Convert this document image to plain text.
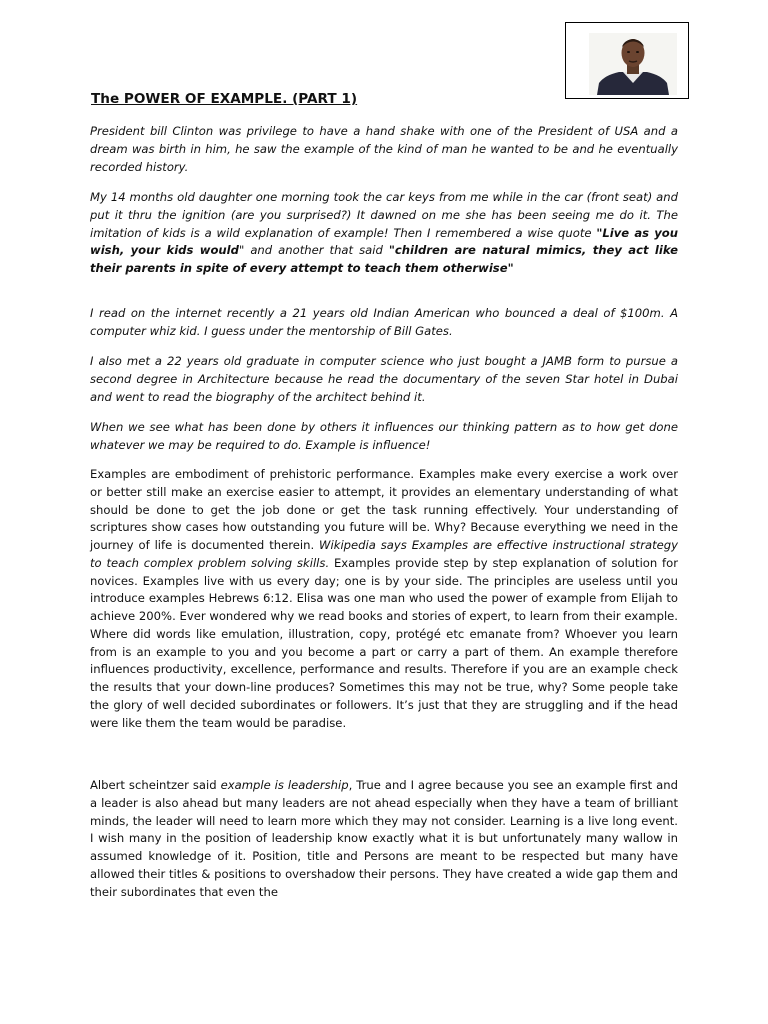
The POWER OF EXAMPLE. (PART 1)

President bill Clinton was privilege to have a hand shake with one of the President of USA and a dream was birth in him, he saw the example of the kind of man he wanted to be and he eventually recorded history.

My 14 months old daughter one morning took the car keys from me while in the car (front seat) and put it thru the ignition (are you surprised?) It dawned on me she has been seeing me do it. The imitation of kids is a wild explanation of example! Then I remembered a wise quote "Live as you wish, your kids would" and another that said "children are natural mimics, they act like their parents in spite of every attempt to teach them otherwise"

I read on the internet recently a 21 years old Indian American who bounced a deal of $100m. A computer whiz kid. I guess under the mentorship of Bill Gates.

I also met a 22 years old graduate in computer science who just bought a JAMB form to pursue a second degree in Architecture because he read the documentary of the seven Star hotel in Dubai and went to read the biography of the architect behind it.

When we see what has been done by others it influences our thinking pattern as to how get done whatever we may be required to do. Example is influence!

Examples are embodiment of prehistoric performance. Examples make every exercise a work over or better still make an exercise easier to attempt, it provides an elementary understanding of what should be done to get the job done or get the task running effectively. Your understanding of scriptures show cases how outstanding you future will be. Why? Because everything we need in the journey of life is documented therein. Wikipedia says Examples are effective instructional strategy to teach complex problem solving skills. Examples provide step by step explanation of solution for novices. Examples live with us every day; one is by your side. The principles are useless until you introduce examples Hebrews 6:12. Elisa was one man who used the power of example from Elijah to achieve 200%. Ever wondered why we read books and stories of expert, to learn from their example. Where did words like emulation, illustration, copy, protégé etc emanate from? Whoever you learn from is an example to you and you become a part or carry a part of them. An example therefore influences productivity, excellence, performance and results. Therefore if you are an example check the results that your down-line produces? Sometimes this may not be true, why? Some people take the glory of well decided subordinates or followers. It’s just that they are struggling and if the head were like them the team would be paradise.

Albert scheintzer said example is leadership, True and I agree because you see an example first and a leader is also ahead but many leaders are not ahead especially when they have a team of brilliant minds, the leader will need to learn more which they may not consider. Learning is a live long event. I wish many in the position of leadership know exactly what it is but unfortunately many wallow in assumed knowledge of it. Position, title and Persons are meant to be respected but many have allowed their titles & positions to overshadow their persons. They have created a wide gap them and their subordinates that even the
